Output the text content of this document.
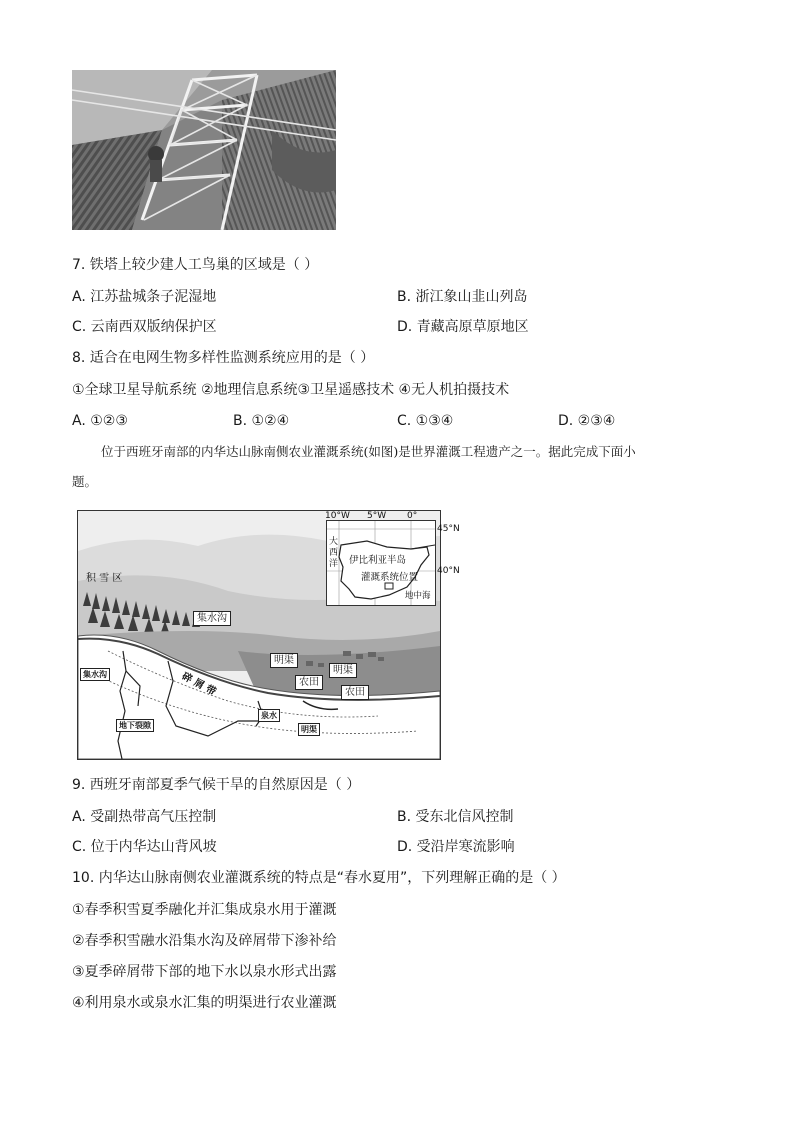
7. 铁塔上较少建人工鸟巢的区域是（ ）
A. 江苏盐城条子泥湿地	B. 浙江象山韭山列岛
C. 云南西双版纳保护区	D. 青藏高原草原地区
8. 适合在电网生物多样性监测系统应用的是（ ）
①全球卫星导航系统 ②地理信息系统③卫星遥感技术 ④无人机拍摄技术
A. ①②③	B. ①②④	C. ①③④	D. ②③④
位于西班牙南部的内华达山脉南侧农业灌溉系统(如图)是世界灌溉工程遗产之一。据此完成下面小
题。
积 雪 区
集水沟
集水沟	碎 屑 带
地下裂隙
泉水
明渠
明渠
明渠
农田
农田
10°W 5°W 0°
45°N
40°N
大西洋 伊比利亚半岛
灌溉系统位置
地中海
9. 西班牙南部夏季气候干旱的自然原因是（ ）
A. 受副热带高气压控制	B. 受东北信风控制
C. 位于内华达山背风坡	D. 受沿岸寒流影响
10. 内华达山脉南侧农业灌溉系统的特点是“春水夏用”，下列理解正确的是（ ）
①春季积雪夏季融化并汇集成泉水用于灌溉
②春季积雪融水沿集水沟及碎屑带下渗补给
③夏季碎屑带下部的地下水以泉水形式出露
④利用泉水或泉水汇集的明渠进行农业灌溉
